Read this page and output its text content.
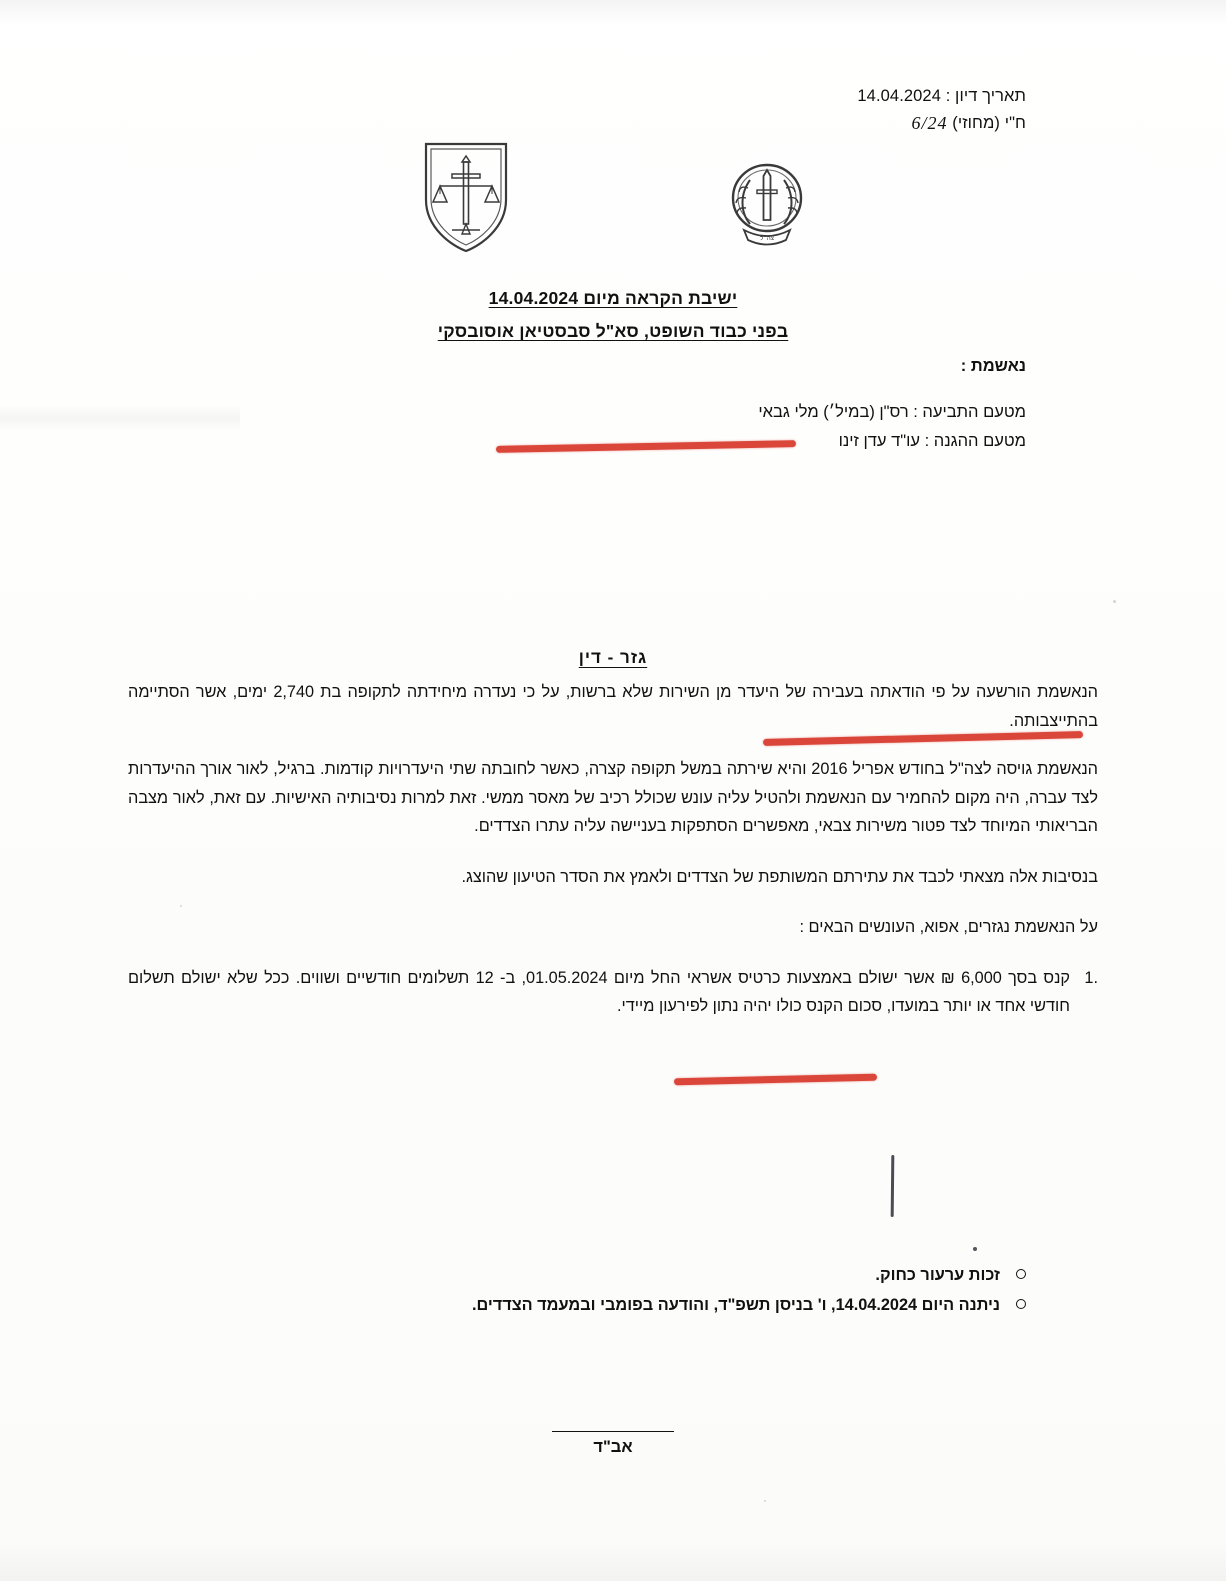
תאריך דיון : 14.04.2024
ח"י (מחוזי) 6/24
צה״ל
ישיבת הקראה מיום 14.04.2024
בפני כבוד השופט, סא"ל סבסטיאן אוסובסקי
נאשמת :
מטעם התביעה : רס"ן (במיל׳) מלי גבאי
מטעם ההגנה : עו"ד עדן זינו
גזר - דין

הנאשמת הורשעה על פי הודאתה בעבירה של היעדר מן השירות שלא ברשות, על כי נעדרה מיחידתה לתקופה בת 2,740 ימים, אשר הסתיימה בהתייצבותה.

הנאשמת גויסה לצה"ל בחודש אפריל 2016 והיא שירתה במשל תקופה קצרה, כאשר לחובתה שתי היעדרויות קודמות. ברגיל, לאור אורך ההיעדרות לצד עברה, היה מקום להחמיר עם הנאשמת ולהטיל עליה עונש שכולל רכיב של מאסר ממשי. זאת למרות נסיבותיה האישיות. עם זאת, לאור מצבה הבריאותי המיוחד לצד פטור משירות צבאי, מאפשרים הסתפקות בעניישה עליה עתרו הצדדים.

בנסיבות אלה מצאתי לכבד את עתירתם המשותפת של הצדדים ולאמץ את הסדר הטיעון שהוצג.

על הנאשמת נגזרים, אפוא, העונשים הבאים :

.1
קנס בסך 6,000 ₪ אשר ישולם באמצעות כרטיס אשראי החל מיום 01.05.2024, ב- 12 תשלומים חודשיים ושווים. ככל שלא ישולם תשלום חודשי אחד או יותר במועדו, סכום הקנס כולו יהיה נתון לפירעון מיידי.
זכות ערעור כחוק.
ניתנה היום 14.04.2024, ו' בניסן תשפ"ד, והודעה בפומבי ובמעמד הצדדים.
אב"ד
